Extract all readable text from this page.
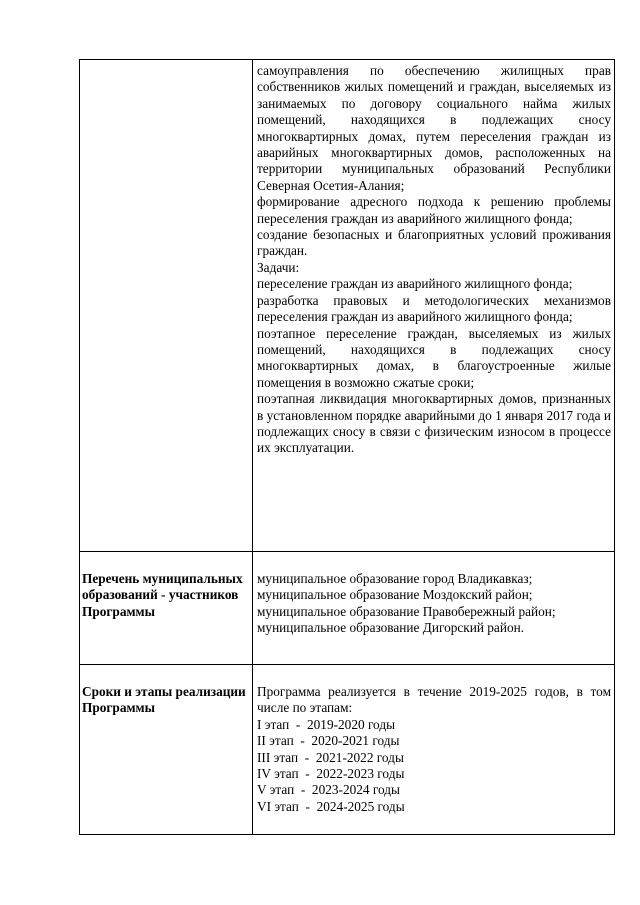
самоуправления по обеспечению жилищных прав собственников жилых помещений и граждан, выселяемых из занимаемых по договору социального найма жилых помещений, находящихся в подлежащих сносу многоквартирных домах, путем переселения граждан из аварийных многоквартирных домов, расположенных на территории муниципальных образований Республики Северная Осетия-Алания;

формирование адресного подхода к решению проблемы переселения граждан из аварийного жилищного фонда;

создание безопасных и благоприятных условий проживания граждан.

Задачи:

переселение граждан из аварийного жилищного фонда;

разработка правовых и методологических механизмов переселения граждан из аварийного жилищного фонда;

поэтапное переселение граждан, выселяемых из жилых помещений, находящихся в подлежащих сносу многоквартирных домах, в благоустроенные жилые помещения в возможно сжатые сроки;

поэтапная ликвидация многоквартирных домов, признанных в установленном порядке аварийными до 1 января 2017 года и подлежащих сносу в связи с физическим износом в процессе их эксплуатации.

Перечень муниципальных образований - участников Программы
муниципальное образование город Владикавказ;
муниципальное образование Моздокский район;
муниципальное образование Правобережный район;
муниципальное образование Дигорский район.
Сроки и этапы реализации Программы

Программа реализуется в течение 2019-2025 годов, в том числе по этапам:

I этап  -  2019-2020 годы
II этап  -  2020-2021 годы
III этап  -  2021-2022 годы
IV этап  -  2022-2023 годы
V этап  -  2023-2024 годы
VI этап  -  2024-2025 годы
